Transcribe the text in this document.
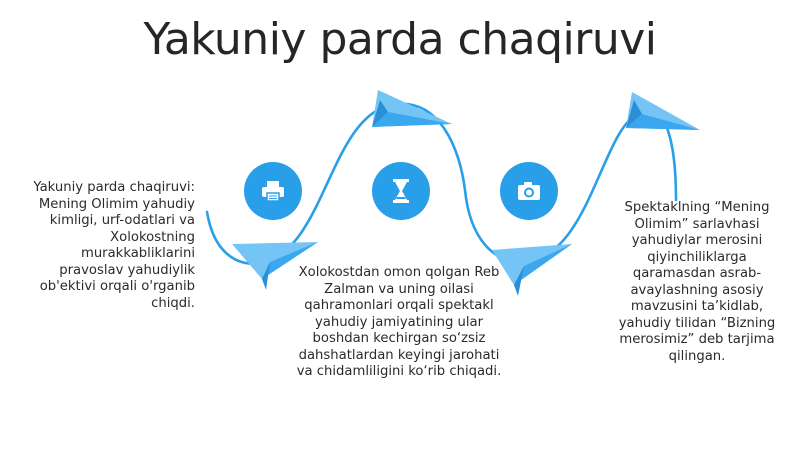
Yakuniy parda chaqiruvi
Yakuniy parda chaqiruvi: Mening Olimim yahudiy kimligi, urf-odatlari va Xolokostning murakkabliklarini pravoslav yahudiylik ob'ektivi orqali o'rganib chiqdi.
Xolokostdan omon qolgan Reb Zalman va uning oilasi qahramonlari orqali spektakl yahudiy jamiyatining ular boshdan kechirgan so‘zsiz dahshatlardan keyingi jarohati va chidamliligini ko‘rib chiqadi.
Spektaklning “Mening Olimim” sarlavhasi yahudiylar merosini qiyinchiliklarga qaramasdan asrab-avaylashning asosiy mavzusini ta’kidlab, yahudiy tilidan “Bizning merosimiz” deb tarjima qilingan.
